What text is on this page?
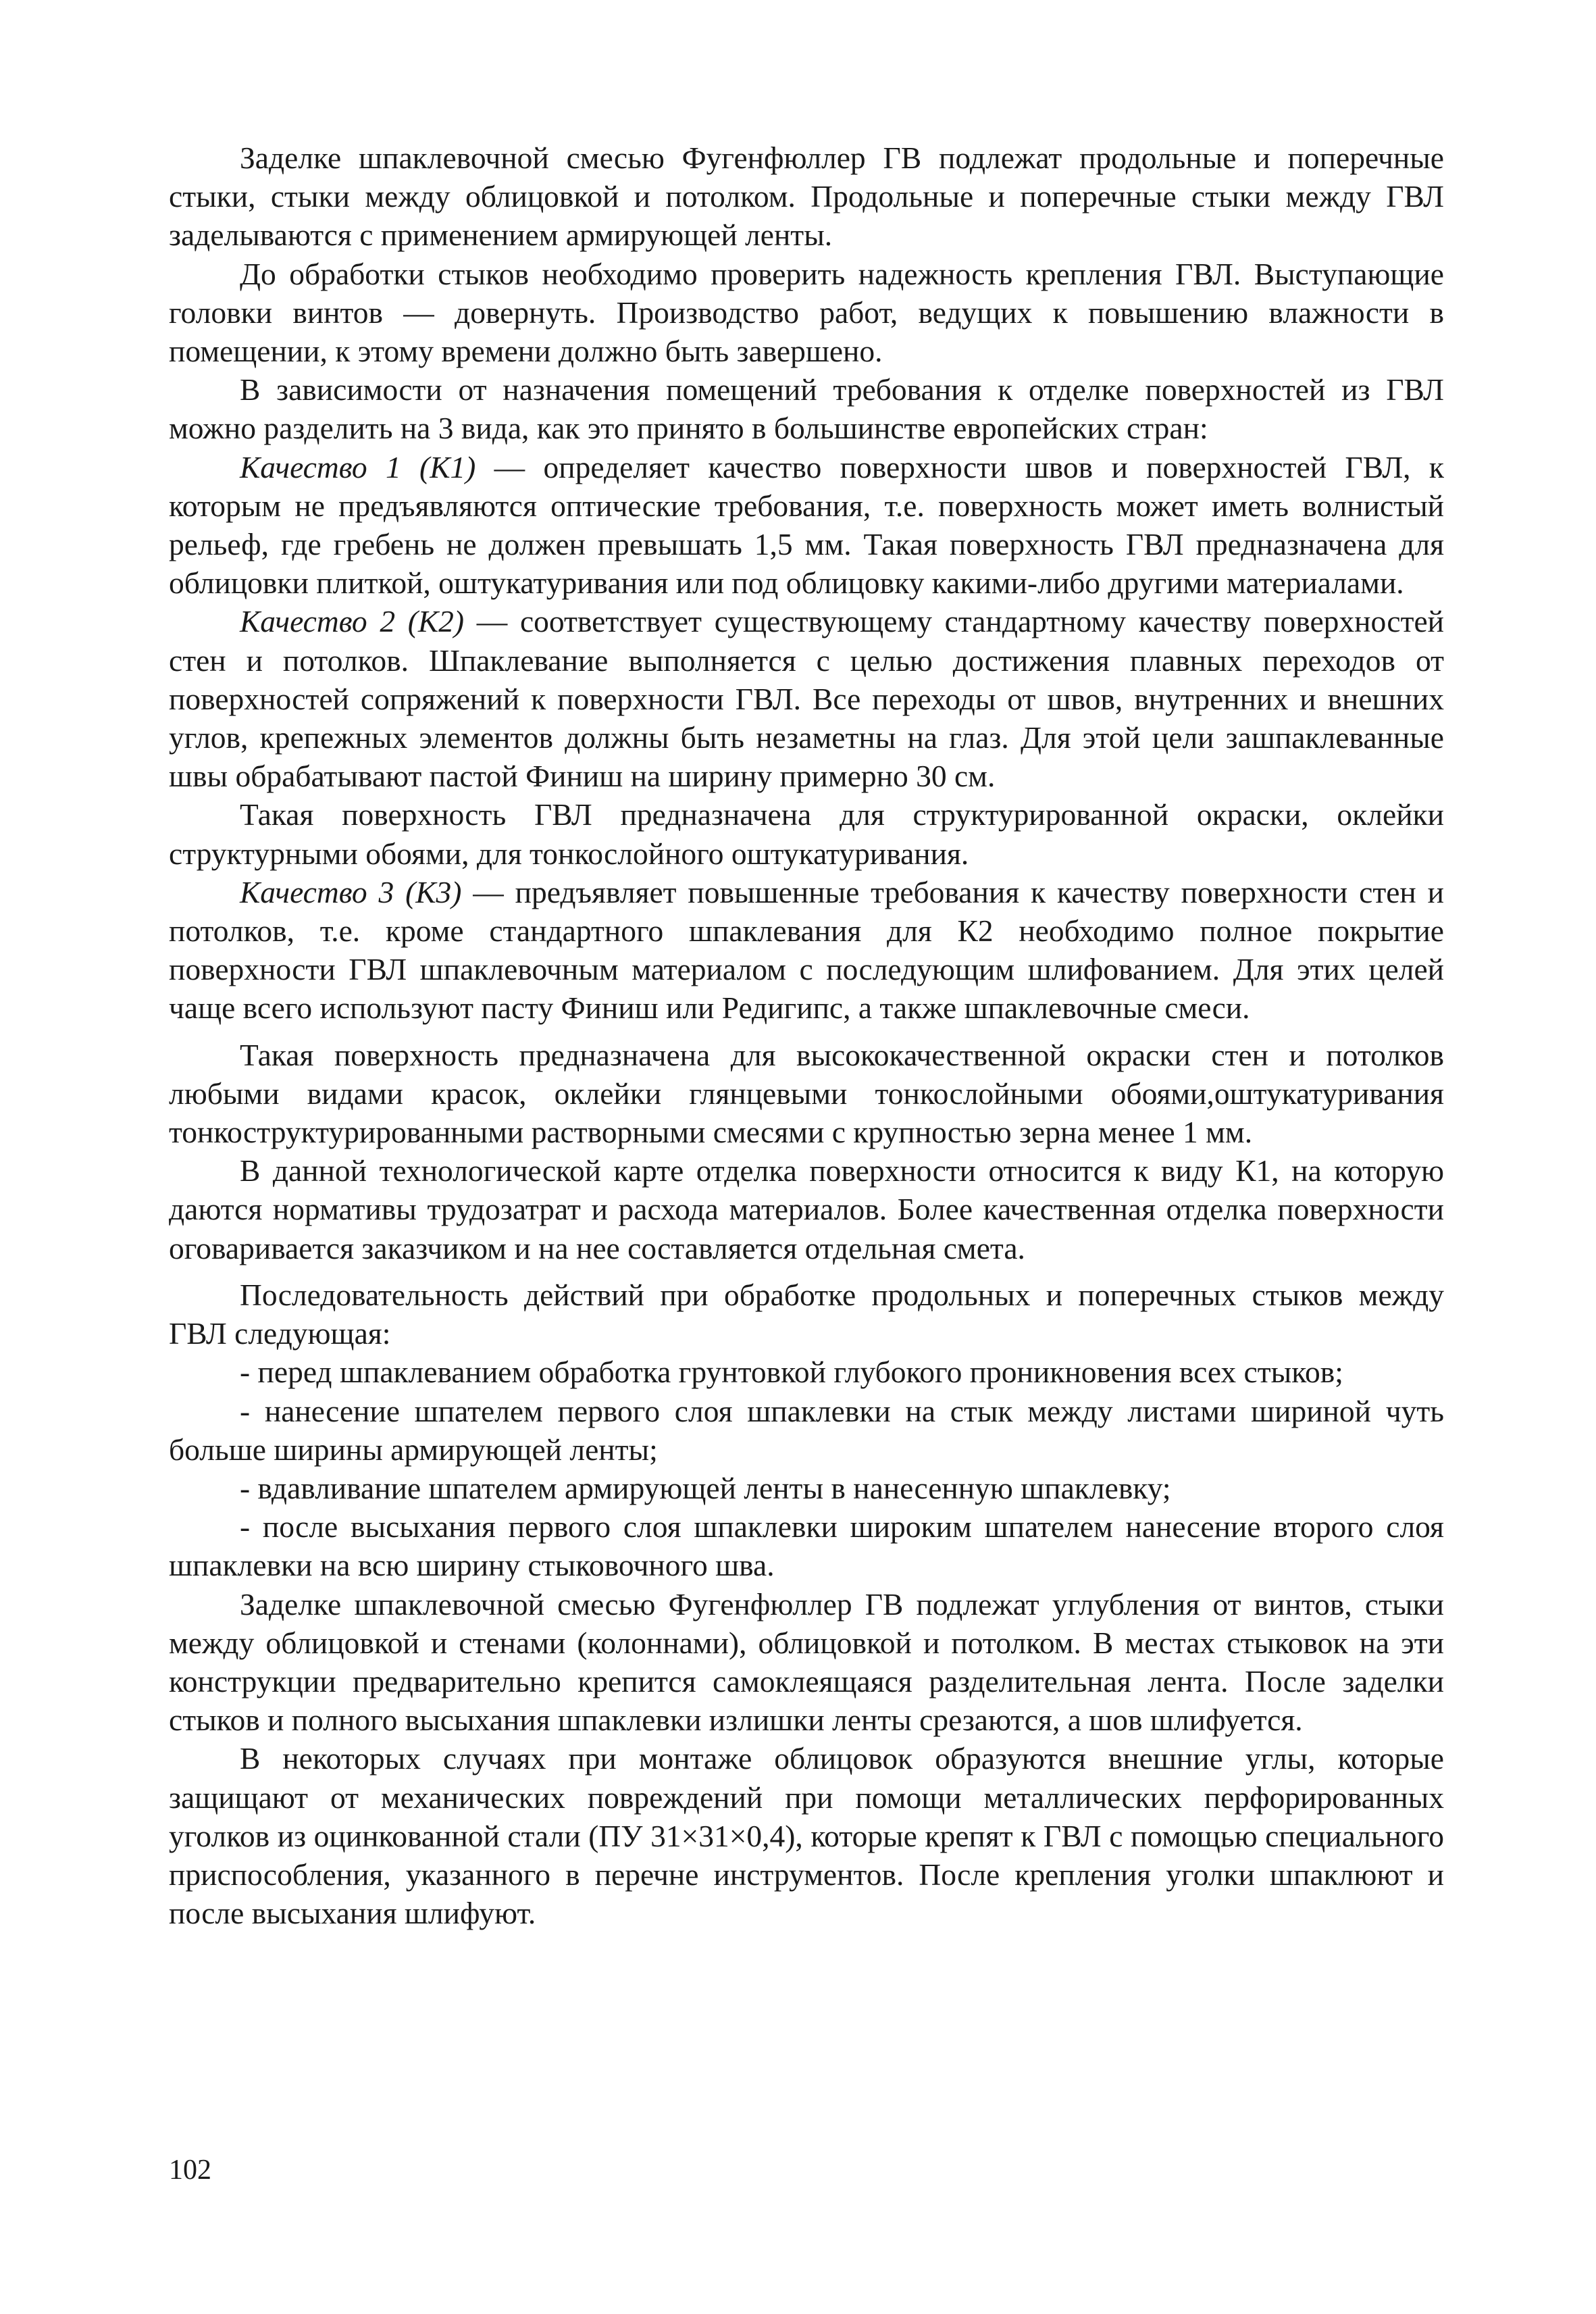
Заделке шпаклевочной смесью Фугенфюллер ГВ подлежат продольные и поперечные стыки, стыки между облицовкой и потолком. Продольные и поперечные стыки между ГВЛ заделываются с применением армирующей ленты.

До обработки стыков необходимо проверить надежность крепления ГВЛ. Выступающие головки винтов — довернуть. Производство работ, ведущих к повышению влажности в помещении, к этому времени должно быть завершено.

В зависимости от назначения помещений требования к отделке поверхностей из ГВЛ можно разделить на 3 вида, как это принято в большинстве европейских стран:

Качество 1 (К1) — определяет качество поверхности швов и поверхностей ГВЛ, к которым не предъявляются оптические требования, т.е. поверхность может иметь волнистый рельеф, где гребень не должен превышать 1,5 мм. Такая поверхность ГВЛ предназначена для облицовки плиткой, оштукатуривания или под облицовку какими-либо другими материалами.

Качество 2 (К2) — соответствует существующему стандартному качеству поверхностей стен и потолков. Шпаклевание выполняется с целью достижения плавных переходов от поверхностей сопряжений к поверхности ГВЛ. Все переходы от швов, внутренних и внешних углов, крепежных элементов должны быть незаметны на глаз. Для этой цели зашпаклеванные швы обрабатывают пастой Финиш на ширину примерно 30 см.

Такая поверхность ГВЛ предназначена для структурированной окраски, оклейки структурными обоями, для тонкослойного оштукатуривания.

Качество 3 (К3) — предъявляет повышенные требования к качеству поверхности стен и потолков, т.е. кроме стандартного шпаклевания для К2 необходимо полное покрытие поверхности ГВЛ шпаклевочным материалом с последующим шлифованием. Для этих целей чаще всего используют пасту Финиш или Редигипс, а также шпаклевочные смеси.

Такая поверхность предназначена для высококачественной окраски стен и потолков любыми видами красок, оклейки глянцевыми тонкослойными обоями,оштукатуривания тонкоструктурированными растворными смесями с крупностью зерна менее 1 мм.

В данной технологической карте отделка поверхности относится к виду К1, на которую даются нормативы трудозатрат и расхода материалов. Более качественная отделка поверхности оговаривается заказчиком и на нее составляется отдельная смета.

Последовательность действий при обработке продольных и поперечных стыков между ГВЛ следующая:

- перед шпаклеванием обработка грунтовкой глубокого проникновения всех стыков;

- нанесение шпателем первого слоя шпаклевки на стык между листами шириной чуть больше ширины армирующей ленты;

- вдавливание шпателем армирующей ленты в нанесенную шпаклевку;

- после высыхания первого слоя шпаклевки широким шпателем нанесение второго слоя шпаклевки на всю ширину стыковочного шва.

Заделке шпаклевочной смесью Фугенфюллер ГВ подлежат углубления от винтов, стыки между облицовкой и стенами (колоннами), облицовкой и потолком. В местах стыковок на эти конструкции предварительно крепится самоклеящаяся разделительная лента. После заделки стыков и полного высыхания шпаклевки излишки ленты срезаются, а шов шлифуется.

В некоторых случаях при монтаже облицовок образуются внешние углы, которые защищают от механических повреждений при помощи металлических перфорированных уголков из оцинкованной стали (ПУ 31×31×0,4), которые крепят к ГВЛ с помощью специального приспособления, указанного в перечне инструментов. После крепления уголки шпаклюют и после высыхания шлифуют.

102
